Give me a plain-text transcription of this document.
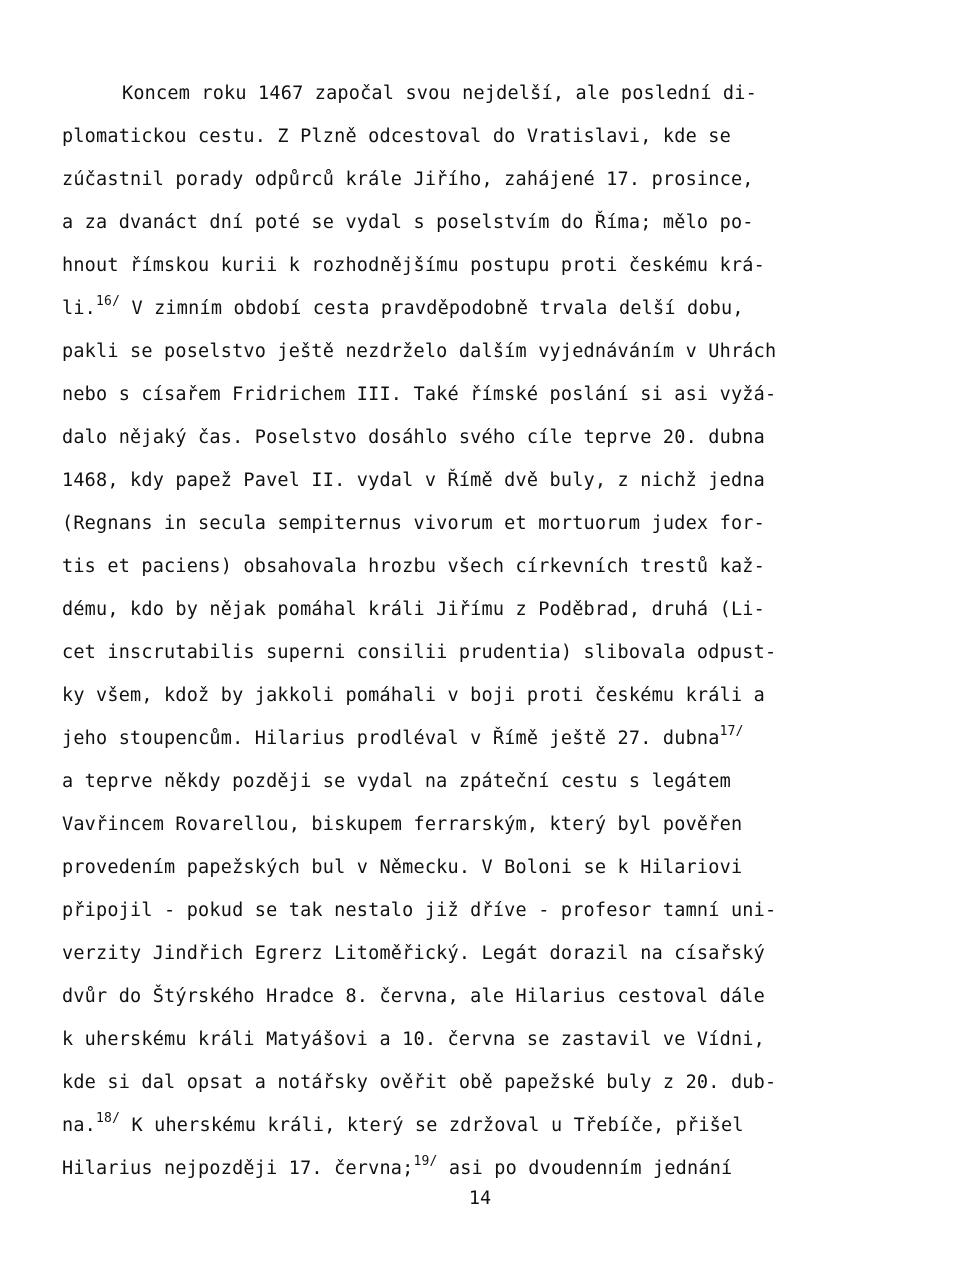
Koncem roku 1467 započal svou nejdelší, ale poslední di-
plomatickou cestu. Z Plzně odcestoval do Vratislavi, kde se
zúčastnil porady odpůrců krále Jiřího, zahájené 17. prosince,
a za dvanáct dní poté se vydal s poselstvím do Říma; mělo po-
hnout římskou kurii k rozhodnějšímu postupu proti českému krá-
li.$^{16/}$ V zimním období cesta pravděpodobně trvala delší dobu,
pakli se poselstvo ještě nezdrželo dalším vyjednáváním v Uhrách
nebo s císařem Fridrichem III. Také římské poslání si asi vyžá-
dalo nějaký čas. Poselstvo dosáhlo svého cíle teprve 20. dubna
1468, kdy papež Pavel II. vydal v Římě dvě buly, z nichž jedna
(Regnans in secula sempiternus vivorum et mortuorum judex for-
tis et paciens) obsahovala hrozbu všech církevních trestů kaž-
dému, kdo by nějak pomáhal králi Jiřímu z Poděbrad, druhá (Li-
cet inscrutabilis superni consilii prudentia) slibovala odpust-
ky všem, kdož by jakkoli pomáhali v boji proti českému králi a
jeho stoupencům. Hilarius prodléval v Římě ještě 27. dubna$^{17/}$
a teprve někdy později se vydal na zpáteční cestu s legátem
Vavřincem Rovarellou, biskupem ferrarským, který byl pověřen
provedením papežských bul v Německu. V Boloni se k Hilariovi
připojil - pokud se tak nestalo již dříve - profesor tamní uni-
verzity Jindřich Egrerz Litoměřický. Legát dorazil na císařský
dvůr do Štýrského Hradce 8. června, ale Hilarius cestoval dále
k uherskému králi Matyášovi a 10. června se zastavil ve Vídni,
kde si dal opsat a notářsky ověřit obě papežské buly z 20. dub-
na.$^{18/}$ K uherskému králi, který se zdržoval u Třebíče, přišel
Hilarius nejpozději 17. června;$^{19/}$ asi po dvoudenním jednání
14
